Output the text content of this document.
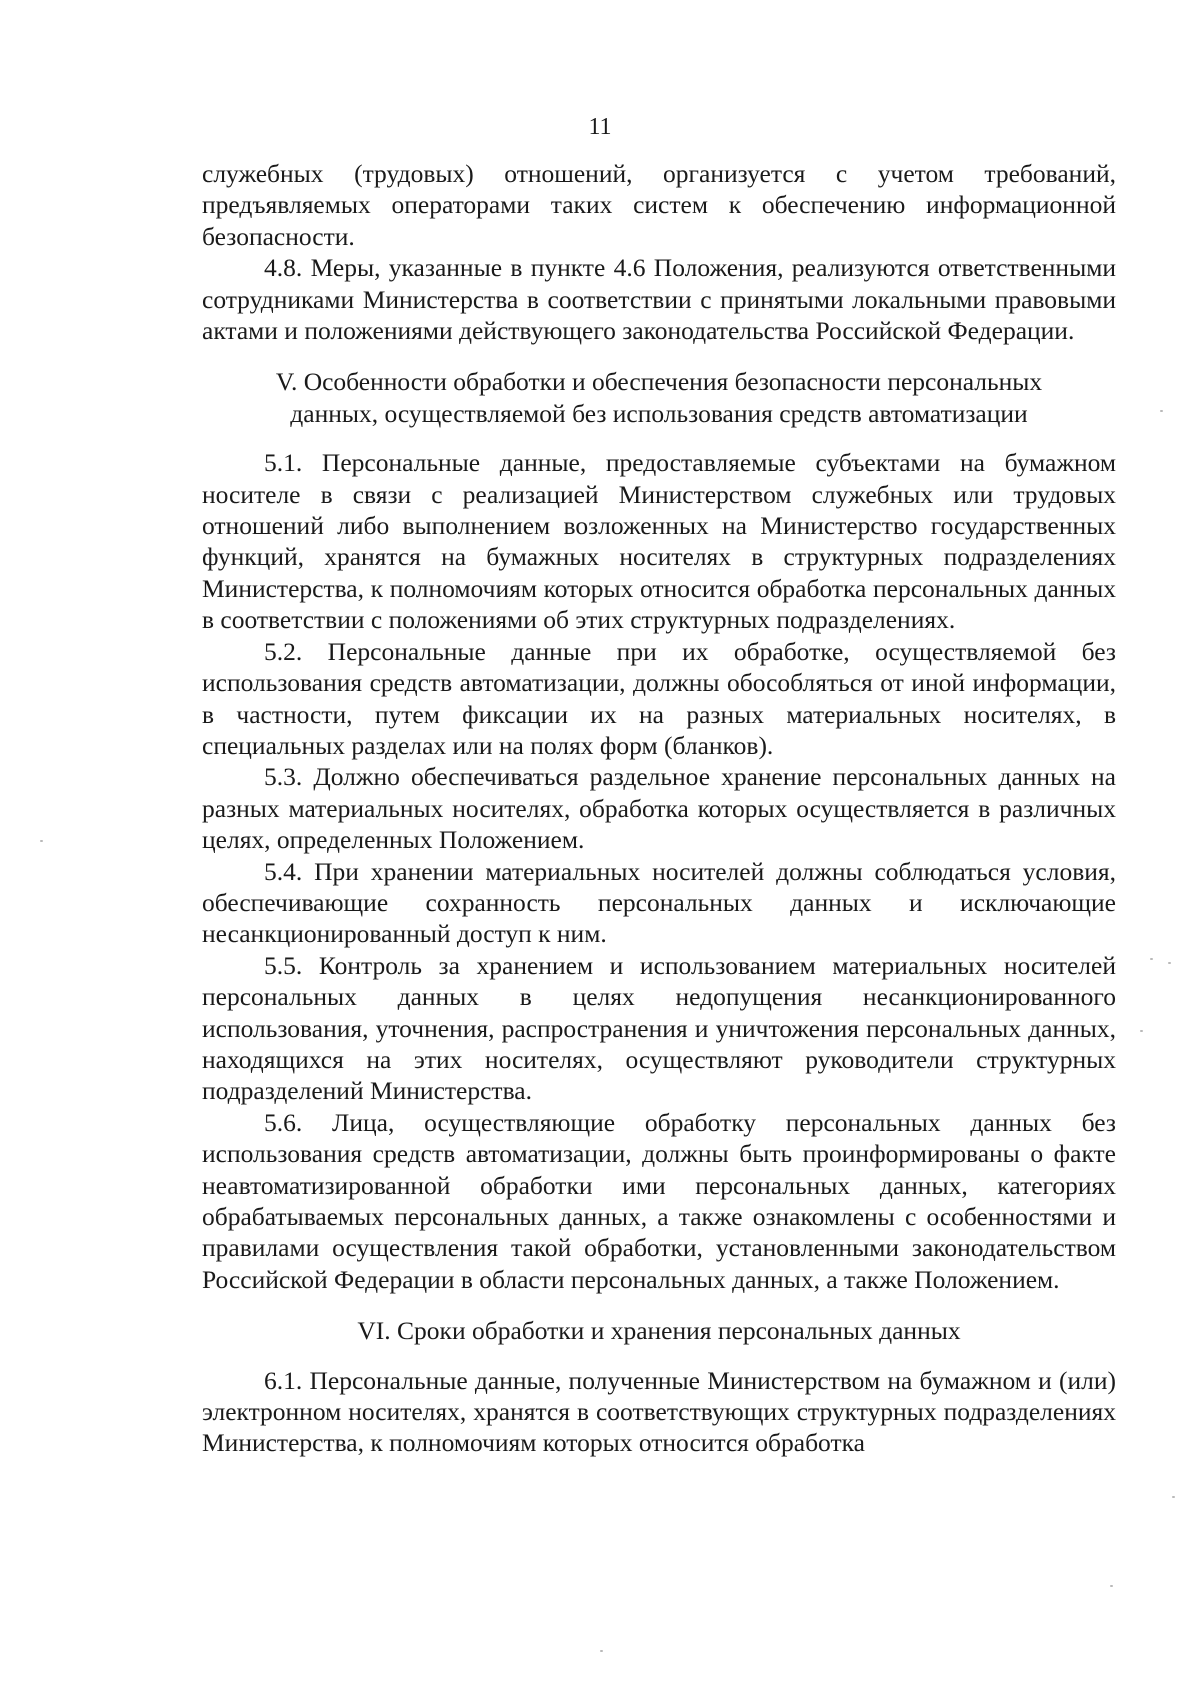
11

служебных (трудовых) отношений, организуется с учетом требований, предъявляемых операторами таких систем к обеспечению информационной безопасности.

4.8. Меры, указанные в пункте 4.6 Положения, реализуются ответственными сотрудниками Министерства в соответствии с принятыми локальными правовыми актами и положениями действующего законодательства Российской Федерации.

V. Особенности обработки и обеспечения безопасности персональных данных, осуществляемой без использования средств автоматизации

5.1. Персональные данные, предоставляемые субъектами на бумажном носителе в связи с реализацией Министерством служебных или трудовых отношений либо выполнением возложенных на Министерство государственных функций, хранятся на бумажных носителях в структурных подразделениях Министерства, к полномочиям которых относится обработка персональных данных в соответствии с положениями об этих структурных подразделениях.

5.2. Персональные данные при их обработке, осуществляемой без использования средств автоматизации, должны обособляться от иной информации, в частности, путем фиксации их на разных материальных носителях, в специальных разделах или на полях форм (бланков).

5.3. Должно обеспечиваться раздельное хранение персональных данных на разных материальных носителях, обработка которых осуществляется в различных целях, определенных Положением.

5.4. При хранении материальных носителей должны соблюдаться условия, обеспечивающие сохранность персональных данных и исключающие несанкционированный доступ к ним.

5.5. Контроль за хранением и использованием материальных носителей персональных данных в целях недопущения несанкционированного использования, уточнения, распространения и уничтожения персональных данных, находящихся на этих носителях, осуществляют руководители структурных подразделений Министерства.

5.6. Лица, осуществляющие обработку персональных данных без использования средств автоматизации, должны быть проинформированы о факте неавтоматизированной обработки ими персональных данных, категориях обрабатываемых персональных данных, а также ознакомлены с особенностями и правилами осуществления такой обработки, установленными законодательством Российской Федерации в области персональных данных, а также Положением.

VI. Сроки обработки и хранения персональных данных

6.1. Персональные данные, полученные Министерством на бумажном и (или) электронном носителях, хранятся в соответствующих структурных подразделениях Министерства, к полномочиям которых относится обработка
